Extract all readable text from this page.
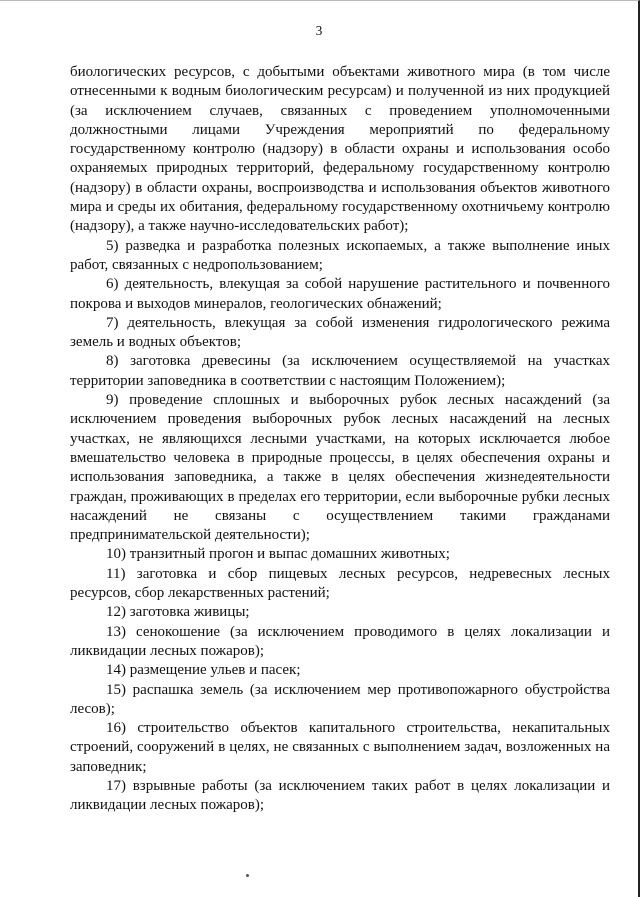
3

биологических ресурсов, с добытыми объектами животного мира (в том числе отнесенными к водным биологическим ресурсам) и полученной из них продукцией (за исключением случаев, связанных с проведением уполномоченными должностными лицами Учреждения мероприятий по федеральному государственному контролю (надзору) в области охраны и использования особо охраняемых природных территорий, федеральному государственному контролю (надзору) в области охраны, воспроизводства и использования объектов животного мира и среды их обитания, федеральному государственному охотничьему контролю (надзору), а также научно-исследовательских работ);

5) разведка и разработка полезных ископаемых, а также выполнение иных работ, связанных с недропользованием;

6) деятельность, влекущая за собой нарушение растительного и почвенного покрова и выходов минералов, геологических обнажений;

7) деятельность, влекущая за собой изменения гидрологического режима земель и водных объектов;

8) заготовка древесины (за исключением осуществляемой на участках территории заповедника в соответствии с настоящим Положением);

9) проведение сплошных и выборочных рубок лесных насаждений (за исключением проведения выборочных рубок лесных насаждений на лесных участках, не являющихся лесными участками, на которых исключается любое вмешательство человека в природные процессы, в целях обеспечения охраны и использования заповедника, а также в целях обеспечения жизнедеятельности граждан, проживающих в пределах его территории, если выборочные рубки лесных насаждений не связаны с осуществлением такими гражданами предпринимательской деятельности);

10) транзитный прогон и выпас домашних животных;

11) заготовка и сбор пищевых лесных ресурсов, недревесных лесных ресурсов, сбор лекарственных растений;

12) заготовка живицы;

13) сенокошение (за исключением проводимого в целях локализации и ликвидации лесных пожаров);

14) размещение ульев и пасек;

15) распашка земель (за исключением мер противопожарного обустройства лесов);

16) строительство объектов капитального строительства, некапитальных строений, сооружений в целях, не связанных с выполнением задач, возложенных на заповедник;

17) взрывные работы (за исключением таких работ в целях локализации и ликвидации лесных пожаров);
